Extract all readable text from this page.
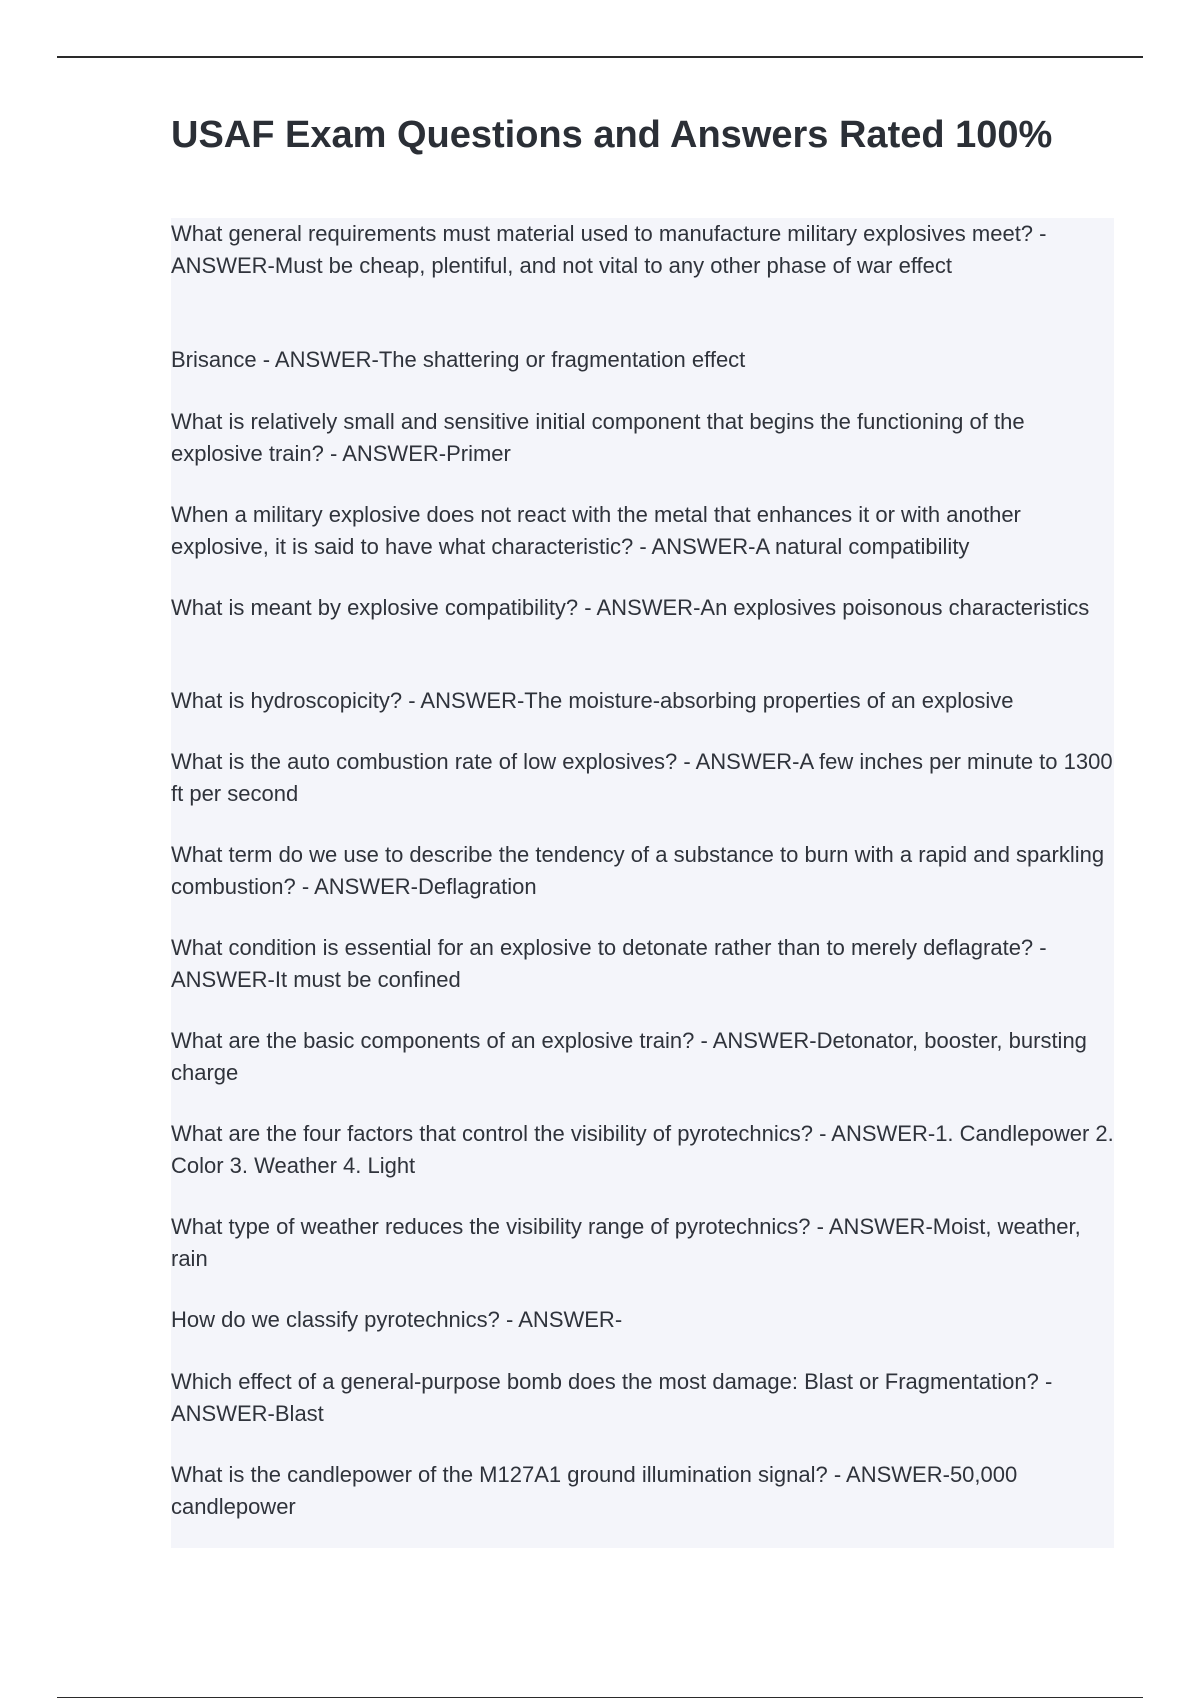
USAF Exam Questions and Answers Rated 100%
What general requirements must material used to manufacture military explosives meet? - ANSWER-Must be cheap, plentiful, and not vital to any other phase of war effect
Brisance - ANSWER-The shattering or fragmentation effect
What is relatively small and sensitive initial component that begins the functioning of the explosive train? - ANSWER-Primer
When a military explosive does not react with the metal that enhances it or with another explosive, it is said to have what characteristic? - ANSWER-A natural compatibility
What is meant by explosive compatibility? - ANSWER-An explosives poisonous characteristics
What is hydroscopicity? - ANSWER-The moisture-absorbing properties of an explosive
What is the auto combustion rate of low explosives? - ANSWER-A few inches per minute to 1300 ft per second
What term do we use to describe the tendency of a substance to burn with a rapid and sparkling combustion? - ANSWER-Deflagration
What condition is essential for an explosive to detonate rather than to merely deflagrate? - ANSWER-It must be confined
What are the basic components of an explosive train? - ANSWER-Detonator, booster, bursting charge
What are the four factors that control the visibility of pyrotechnics? - ANSWER-1. Candlepower 2. Color 3. Weather 4. Light
What type of weather reduces the visibility range of pyrotechnics? - ANSWER-Moist, weather, rain
How do we classify pyrotechnics? - ANSWER-
Which effect of a general-purpose bomb does the most damage: Blast or Fragmentation? - ANSWER-Blast
What is the candlepower of the M127A1 ground illumination signal? - ANSWER-50,000 candlepower
